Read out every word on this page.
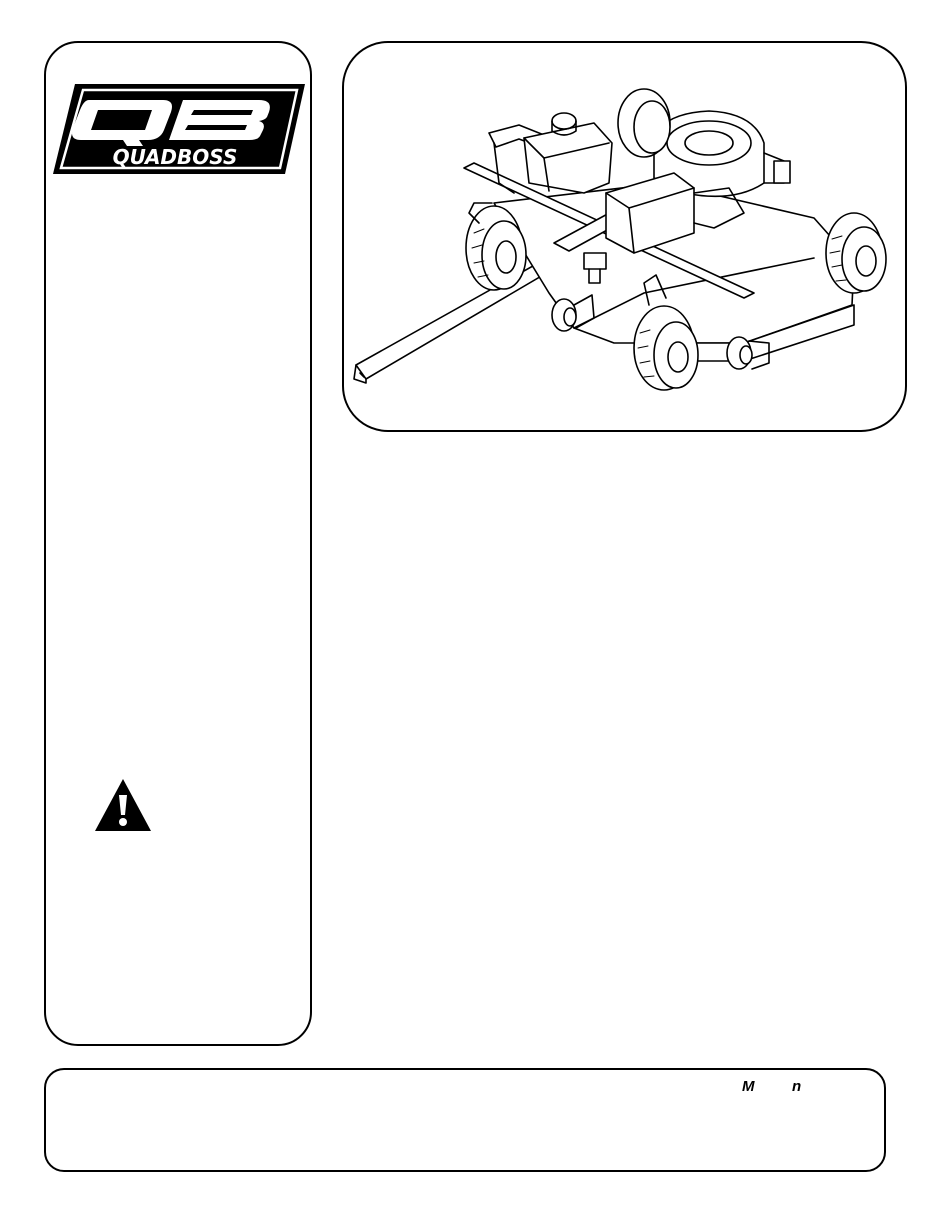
QUADBOSS
M	n
